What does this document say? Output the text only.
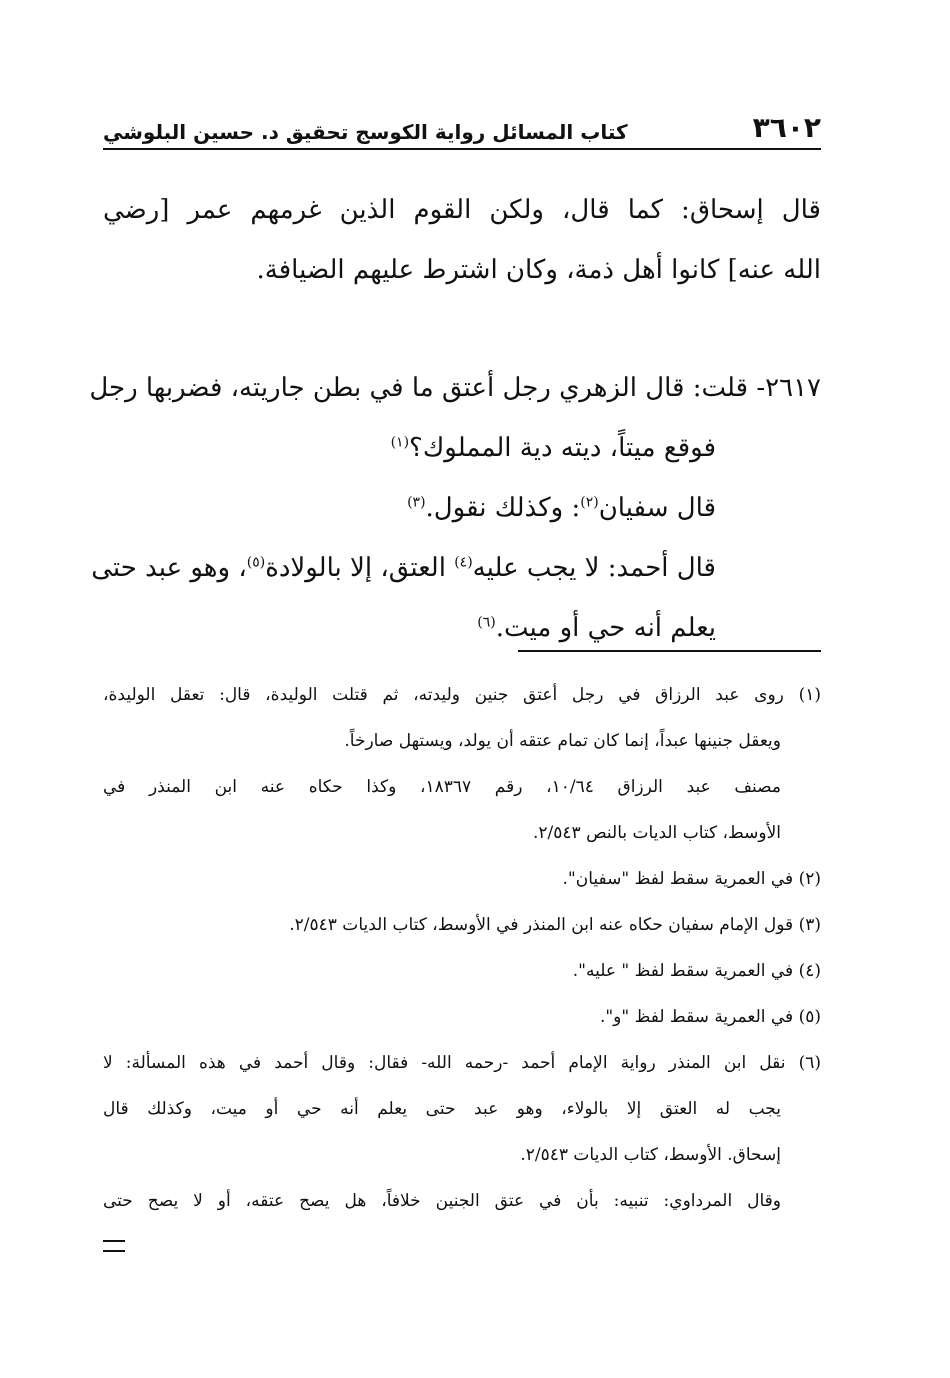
٣٦٠٢
كتاب المسائل رواية الكوسج تحقيق د. حسين البلوشي
قال إسحاق: كما قال، ولكن القوم الذين غرمهم عمر [رضي
الله عنه] كانوا أهل ذمة، وكان اشترط عليهم الضيافة.
٢٦١٧- قلت: قال الزهري رجل أعتق ما في بطن جاريته، فضربها رجل
فوقع ميتاً، ديته دية المملوك؟$^{(١)}$
قال سفيان$^{(٢)}$: وكذلك نقول.$^{(٣)}$
قال أحمد: لا يجب عليه$^{(٤)}$ العتق، إلا بالولادة$^{(٥)}$، وهو عبد حتى
يعلم أنه حي أو ميت.$^{(٦)}$
(١) روى عبد الرزاق في رجل أعتق جنين وليدته، ثم قتلت الوليدة، قال: تعقل الوليدة،
ويعقل جنينها عبداً، إنما كان تمام عتقه أن يولد، ويستهل صارخاً.
مصنف عبد الرزاق ١٠/٦٤، رقم ١٨٣٦٧، وكذا حكاه عنه ابن المنذر في
الأوسط، كتاب الديات بالنص ٢/٥٤٣.
(٢) في العمرية سقط لفظ "سفيان".
(٣) قول الإمام سفيان حكاه عنه ابن المنذر في الأوسط، كتاب الديات ٢/٥٤٣.
(٤) في العمرية سقط لفظ " عليه".
(٥) في العمرية سقط لفظ "و".
(٦) نقل ابن المنذر رواية الإمام أحمد -رحمه الله- فقال: وقال أحمد في هذه المسألة: لا
يجب له العتق إلا بالولاء، وهو عبد حتى يعلم أنه حي أو ميت، وكذلك قال
إسحاق. الأوسط، كتاب الديات ٢/٥٤٣.
وقال المرداوي: تنبيه: بأن في عتق الجنين خلافاً، هل يصح عتقه، أو لا يصح حتى
